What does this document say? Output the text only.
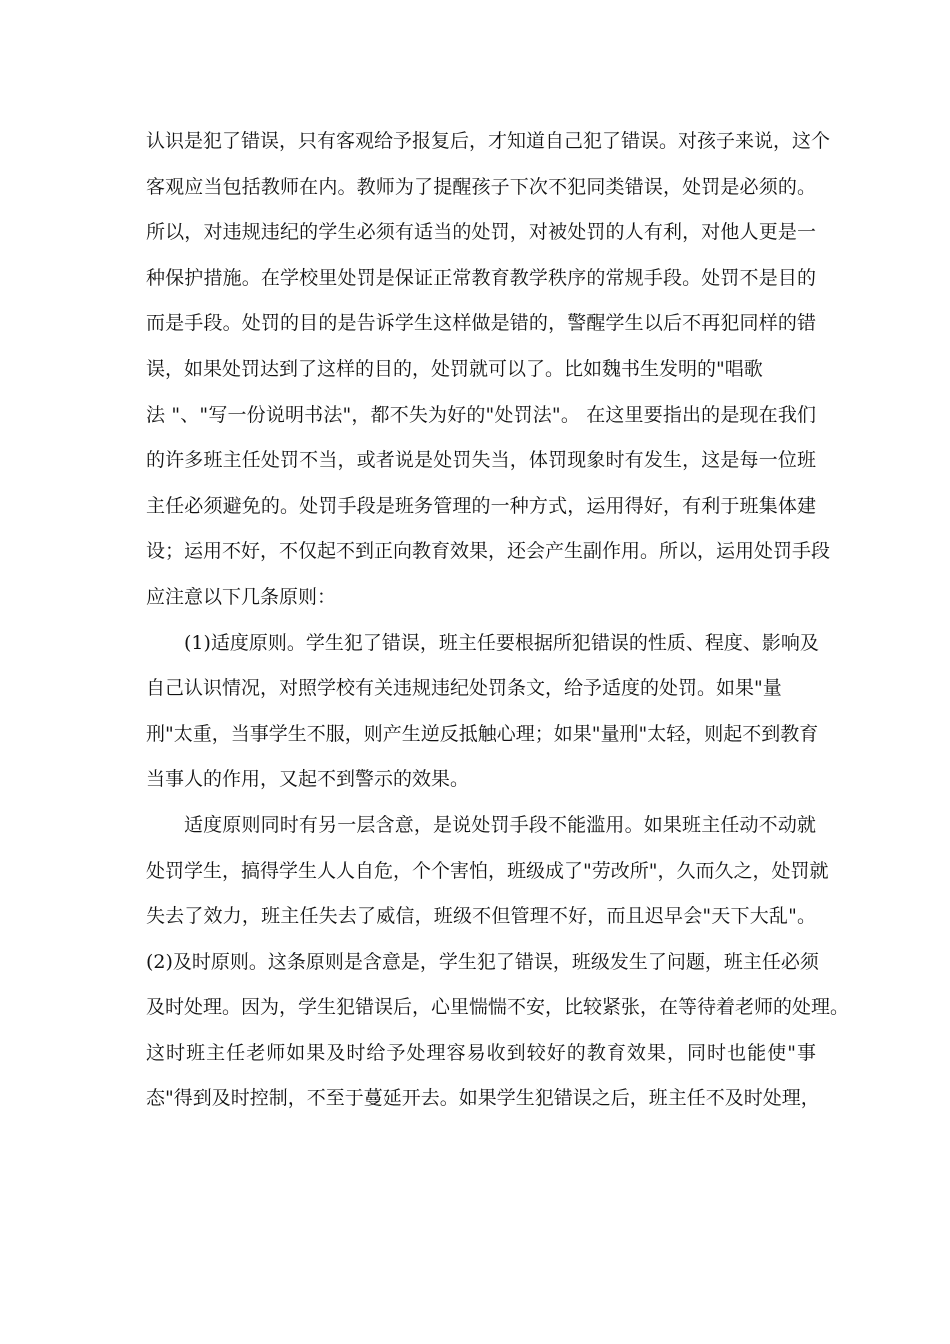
认识是犯了错误，只有客观给予报复后，才知道自己犯了错误。对孩子来说，这个
客观应当包括教师在内。教师为了提醒孩子下次不犯同类错误，处罚是必须的。
所以，对违规违纪的学生必须有适当的处罚，对被处罚的人有利，对他人更是一
种保护措施。在学校里处罚是保证正常教育教学秩序的常规手段。处罚不是目的
而是手段。处罚的目的是告诉学生这样做是错的，警醒学生以后不再犯同样的错
误，如果处罚达到了这样的目的，处罚就可以了。比如魏书生发明的"唱歌
法 "、"写一份说明书法"，都不失为好的"处罚法"。 在这里要指出的是现在我们
的许多班主任处罚不当，或者说是处罚失当，体罚现象时有发生，这是每一位班
主任必须避免的。处罚手段是班务管理的一种方式，运用得好，有利于班集体建
设；运用不好，不仅起不到正向教育效果，还会产生副作用。所以，运用处罚手段
应注意以下几条原则：
(1)适度原则。学生犯了错误，班主任要根据所犯错误的性质、程度、影响及
自己认识情况，对照学校有关违规违纪处罚条文，给予适度的处罚。如果"量
刑"太重，当事学生不服，则产生逆反抵触心理；如果"量刑"太轻，则起不到教育
当事人的作用，又起不到警示的效果。
适度原则同时有另一层含意，是说处罚手段不能滥用。如果班主任动不动就
处罚学生，搞得学生人人自危，个个害怕，班级成了"劳改所"，久而久之，处罚就
失去了效力，班主任失去了威信，班级不但管理不好，而且迟早会"天下大乱"。
(2)及时原则。这条原则是含意是，学生犯了错误，班级发生了问题，班主任必须
及时处理。因为，学生犯错误后，心里惴惴不安，比较紧张，在等待着老师的处理。
这时班主任老师如果及时给予处理容易收到较好的教育效果，同时也能使"事
态"得到及时控制，不至于蔓延开去。如果学生犯错误之后，班主任不及时处理，
